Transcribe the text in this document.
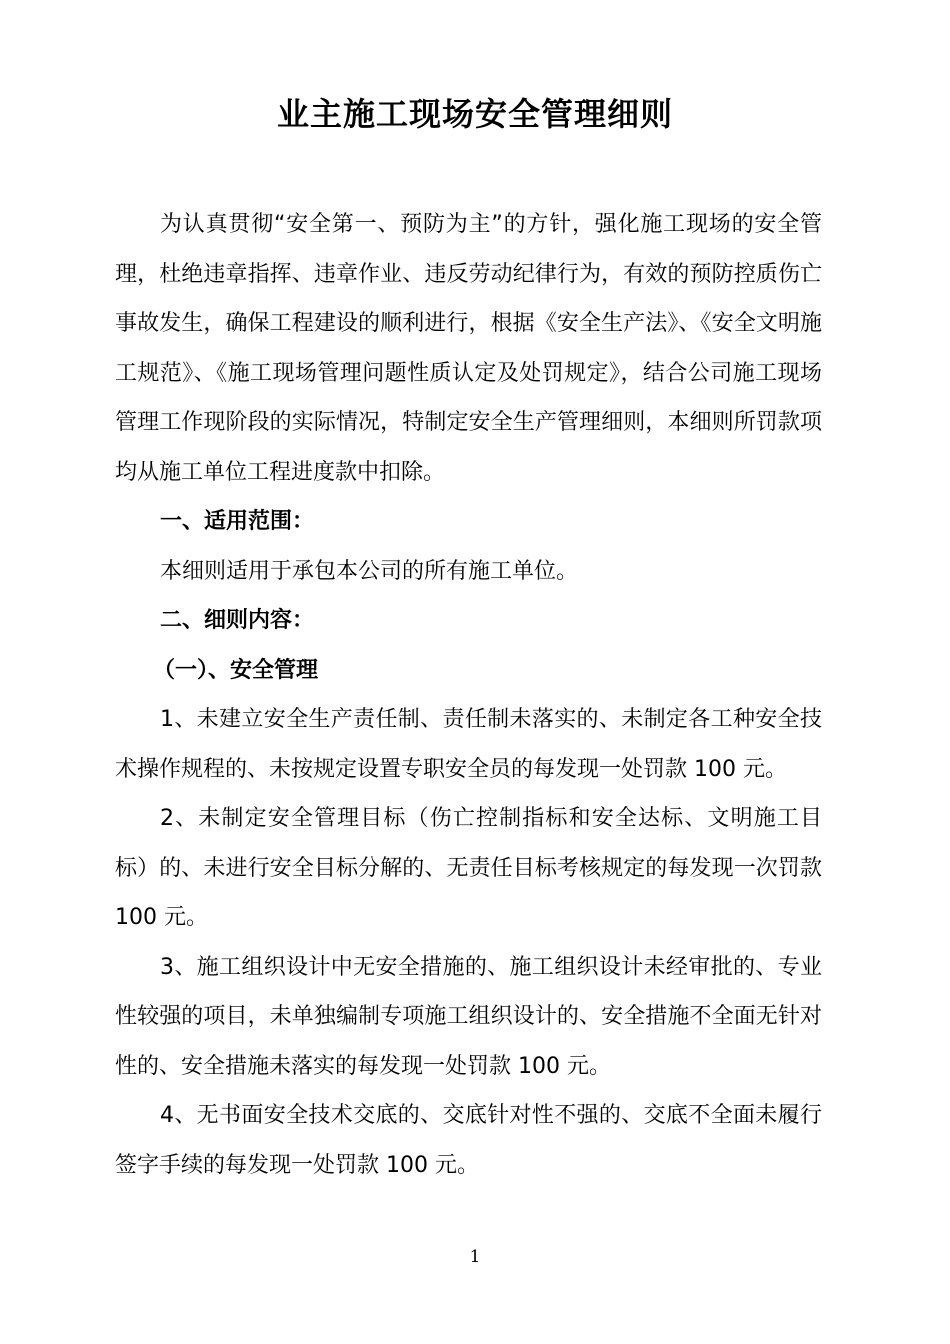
业主施工现场安全管理细则

为认真贯彻“安全第一、预防为主”的方针，强化施工现场的安全管理，杜绝违章指挥、违章作业、违反劳动纪律行为，有效的预防控质伤亡事故发生，确保工程建设的顺利进行，根据《安全生产法》、《安全文明施工规范》、《施工现场管理问题性质认定及处罚规定》，结合公司施工现场管理工作现阶段的实际情况，特制定安全生产管理细则，本细则所罚款项均从施工单位工程进度款中扣除。

一、适用范围：

本细则适用于承包本公司的所有施工单位。

二、细则内容：

（一）、安全管理

1、未建立安全生产责任制、责任制未落实的、未制定各工种安全技术操作规程的、未按规定设置专职安全员的每发现一处罚款 100 元。

2、未制定安全管理目标（伤亡控制指标和安全达标、文明施工目标）的、未进行安全目标分解的、无责任目标考核规定的每发现一次罚款 100 元。

3、施工组织设计中无安全措施的、施工组织设计未经审批的、专业性较强的项目，未单独编制专项施工组织设计的、安全措施不全面无针对性的、安全措施未落实的每发现一处罚款 100 元。

4、无书面安全技术交底的、交底针对性不强的、交底不全面未履行签字手续的每发现一处罚款 100 元。

1
